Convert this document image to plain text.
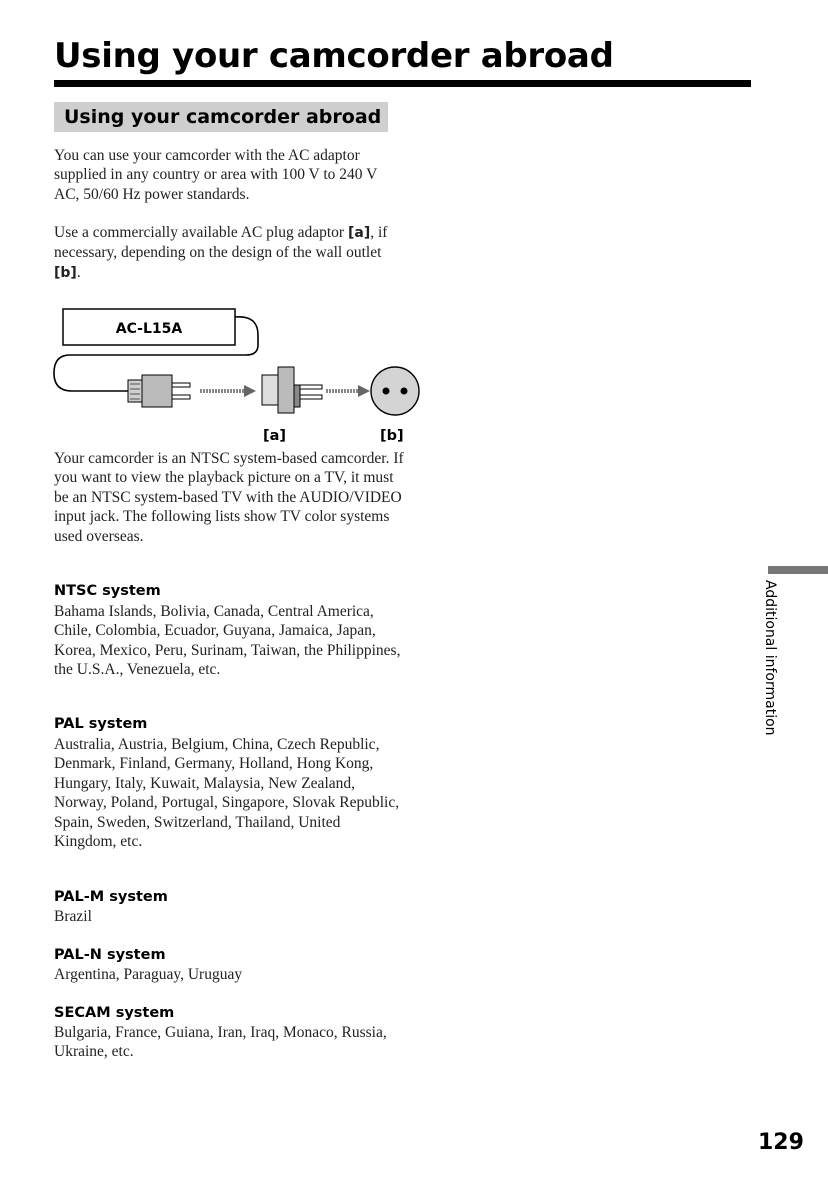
Using your camcorder abroad
Using your camcorder abroad

You can use your camcorder with the AC adaptor supplied in any country or area with 100 V to 240 V AC, 50/60 Hz power standards.

Use a commercially available AC plug adaptor [a], if necessary, depending on the design of the wall outlet [b].

AC-L15A
[a]	[b]

Your camcorder is an NTSC system-based camcorder. If you want to view the playback picture on a TV, it must be an NTSC system-based TV with the AUDIO/VIDEO input jack. The following lists show TV color systems used overseas.

NTSC system

Bahama Islands, Bolivia, Canada, Central America, Chile, Colombia, Ecuador, Guyana, Jamaica, Japan, Korea, Mexico, Peru, Surinam, Taiwan, the Philippines, the U.S.A., Venezuela, etc.

PAL system

Australia, Austria, Belgium, China, Czech Republic, Denmark, Finland, Germany, Holland, Hong Kong, Hungary, Italy, Kuwait, Malaysia, New Zealand, Norway, Poland, Portugal, Singapore, Slovak Republic, Spain, Sweden, Switzerland, Thailand, United Kingdom, etc.

PAL-M system

Brazil

PAL-N system

Argentina, Paraguay, Uruguay

SECAM system

Bulgaria, France, Guiana, Iran, Iraq, Monaco, Russia, Ukraine, etc.

Additional information
129
